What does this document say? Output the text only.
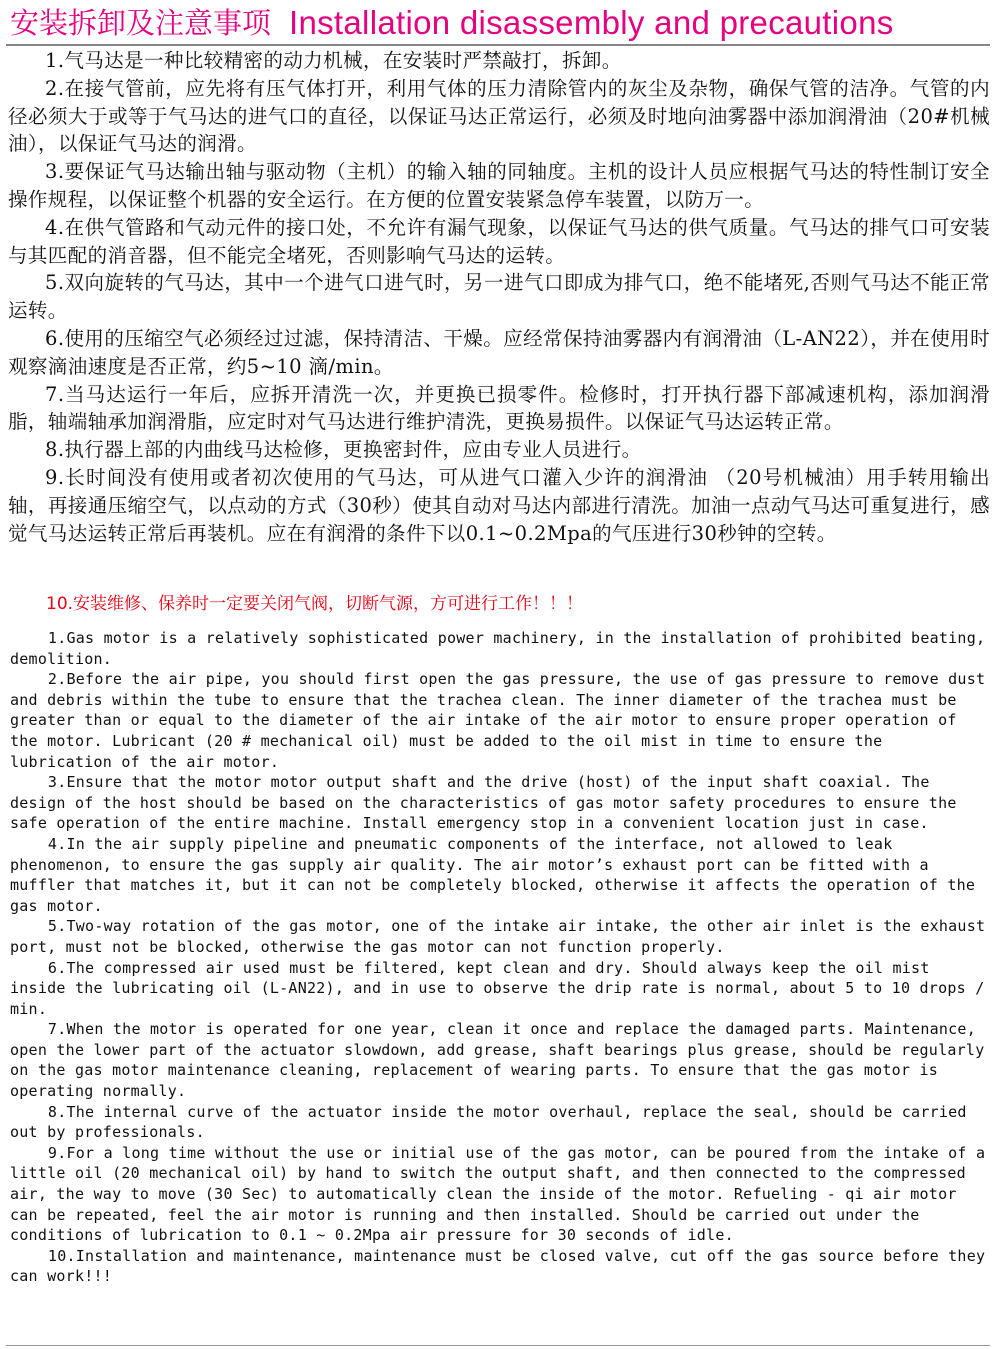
安装拆卸及注意事项 Installation disassembly and precautions

1.气马达是一种比较精密的动力机械，在安装时严禁敲打，拆卸。

2.在接气管前，应先将有压气体打开，利用气体的压力清除管内的灰尘及杂物，确保气管的洁净。气管的内径必须大于或等于气马达的进气口的直径，以保证马达正常运行，必须及时地向油雾器中添加润滑油（20#机械油），以保证气马达的润滑。

3.要保证气马达输出轴与驱动物（主机）的输入轴的同轴度。主机的设计人员应根据气马达的特性制订安全操作规程，以保证整个机器的安全运行。在方便的位置安装紧急停车装置，以防万一。

4.在供气管路和气动元件的接口处，不允许有漏气现象，以保证气马达的供气质量。气马达的排气口可安装与其匹配的消音器，但不能完全堵死，否则影响气马达的运转。

5.双向旋转的气马达，其中一个进气口进气时，另一进气口即成为排气口，绝不能堵死,否则气马达不能正常运转。

6.使用的压缩空气必须经过过滤，保持清洁、干燥。应经常保持油雾器内有润滑油（L-AN22），并在使用时观察滴油速度是否正常，约5~10 滴/min。

7.当马达运行一年后，应拆开清洗一次，并更换已损零件。检修时，打开执行器下部减速机构，添加润滑脂，轴端轴承加润滑脂，应定时对气马达进行维护清洗，更换易损件。以保证气马达运转正常。

8.执行器上部的内曲线马达检修，更换密封件，应由专业人员进行。

9.长时间没有使用或者初次使用的气马达，可从进气口灌入少许的润滑油 （20号机械油）用手转用输出轴，再接通压缩空气，以点动的方式（30秒）使其自动对马达内部进行清洗。加油一点动气马达可重复进行，感觉气马达运转正常后再装机。应在有润滑的条件下以0.1~0.2Mpa的气压进行30秒钟的空转。

10.安装维修、保养时一定要关闭气阀，切断气源，方可进行工作！！！

1.Gas motor is a relatively sophisticated power machinery, in the installation of prohibited beating, demolition.

2.Before the air pipe, you should first open the gas pressure, the use of gas pressure to remove dust and debris within the tube to ensure that the trachea clean. The inner diameter of the trachea must be greater than or equal to the diameter of the air intake of the air motor to ensure proper operation of the motor. Lubricant (20 # mechanical oil) must be added to the oil mist in time to ensure the lubrication of the air motor.

3.Ensure that the motor motor output shaft and the drive (host) of the input shaft coaxial. The design of the host should be based on the characteristics of gas motor safety procedures to ensure the safe operation of the entire machine. Install emergency stop in a convenient location just in case.

4.In the air supply pipeline and pneumatic components of the interface, not allowed to leak phenomenon, to ensure the gas supply air quality. The air motor’s exhaust port can be fitted with a muffler that matches it, but it can not be completely blocked, otherwise it affects the operation of the gas motor.

5.Two-way rotation of the gas motor, one of the intake air intake, the other air inlet is the exhaust port, must not be blocked, otherwise the gas motor can not function properly.

6.The compressed air used must be filtered, kept clean and dry. Should always keep the oil mist inside the lubricating oil (L-AN22), and in use to observe the drip rate is normal, about 5 to 10 drops / min.

7.When the motor is operated for one year, clean it once and replace the damaged parts. Maintenance, open the lower part of the actuator slowdown, add grease, shaft bearings plus grease, should be regularly on the gas motor maintenance cleaning, replacement of wearing parts. To ensure that the gas motor is operating normally.

8.The internal curve of the actuator inside the motor overhaul, replace the seal, should be carried out by professionals.

9.For a long time without the use or initial use of the gas motor, can be poured from the intake of a little oil (20 mechanical oil) by hand to switch the output shaft, and then connected to the compressed air, the way to move (30 Sec) to automatically clean the inside of the motor. Refueling - qi air motor can be repeated, feel the air motor is running and then installed. Should be carried out under the conditions of lubrication to 0.1 ~ 0.2Mpa air pressure for 30 seconds of idle.

10.Installation and maintenance, maintenance must be closed valve, cut off the gas source before they can work!!!
